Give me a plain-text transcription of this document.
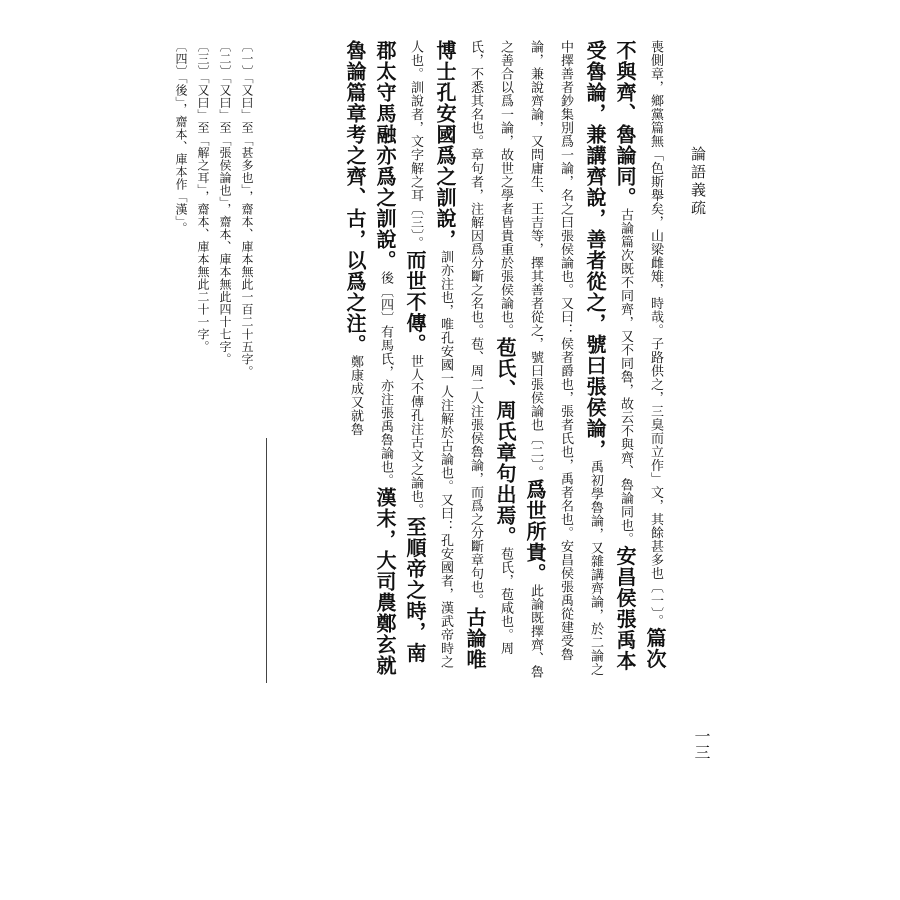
論語義疏
一三
喪側章，鄉黨篇無「色斯舉矣，山梁雌雉，時哉。子路供之，三臭而立作」文，其餘甚多也〔一〕。篇次不與齊、魯論同。古論篇次既不同齊，又不同魯，故云不與齊、魯論同也。安昌侯張禹本受魯論，兼講齊說，善者從之，號曰張侯論，禹初學魯論，又雜講齊論，於二論之中擇善者鈔集別爲一論，名之曰張侯論也。又曰：侯者爵也，張者氏也，禹者名也。安昌侯張禹從建受魯論，兼說齊論，又問庸生、王吉等，擇其善者從之，號曰張侯論也〔二〕。爲世所貴。此論既擇齊、魯之善合以爲一論，故世之學者皆貴重於張侯論也。苞氏、周氏章句出焉。苞氏，苞咸也。周氏，不悉其名也。章句者，注解因爲分斷之名也。苞、周二人注張侯魯論，而爲之分斷章句也。古論唯博士孔安國爲之訓說，訓亦注也，唯孔安國一人注解於古論也。又曰：孔安國者，漢武帝時之人也。訓說者，文字解之耳〔三〕。而世不傳。世人不傳孔注古文之論也。至順帝之時，南郡太守馬融亦爲之訓說。後〔四〕有馬氏，亦注張禹魯論也。漢末，大司農鄭玄就魯論篇章考之齊、古，以爲之注。鄭康成又就魯
〔一〕「又曰」至「甚多也」，齋本、庫本無此一百二十五字。
〔二〕「又曰」至「張侯論也」，齋本、庫本無此四十七字。
〔三〕「又曰」至「解之耳」，齋本、庫本無此二十一字。
〔四〕「後」，齋本、庫本作「漢」。
